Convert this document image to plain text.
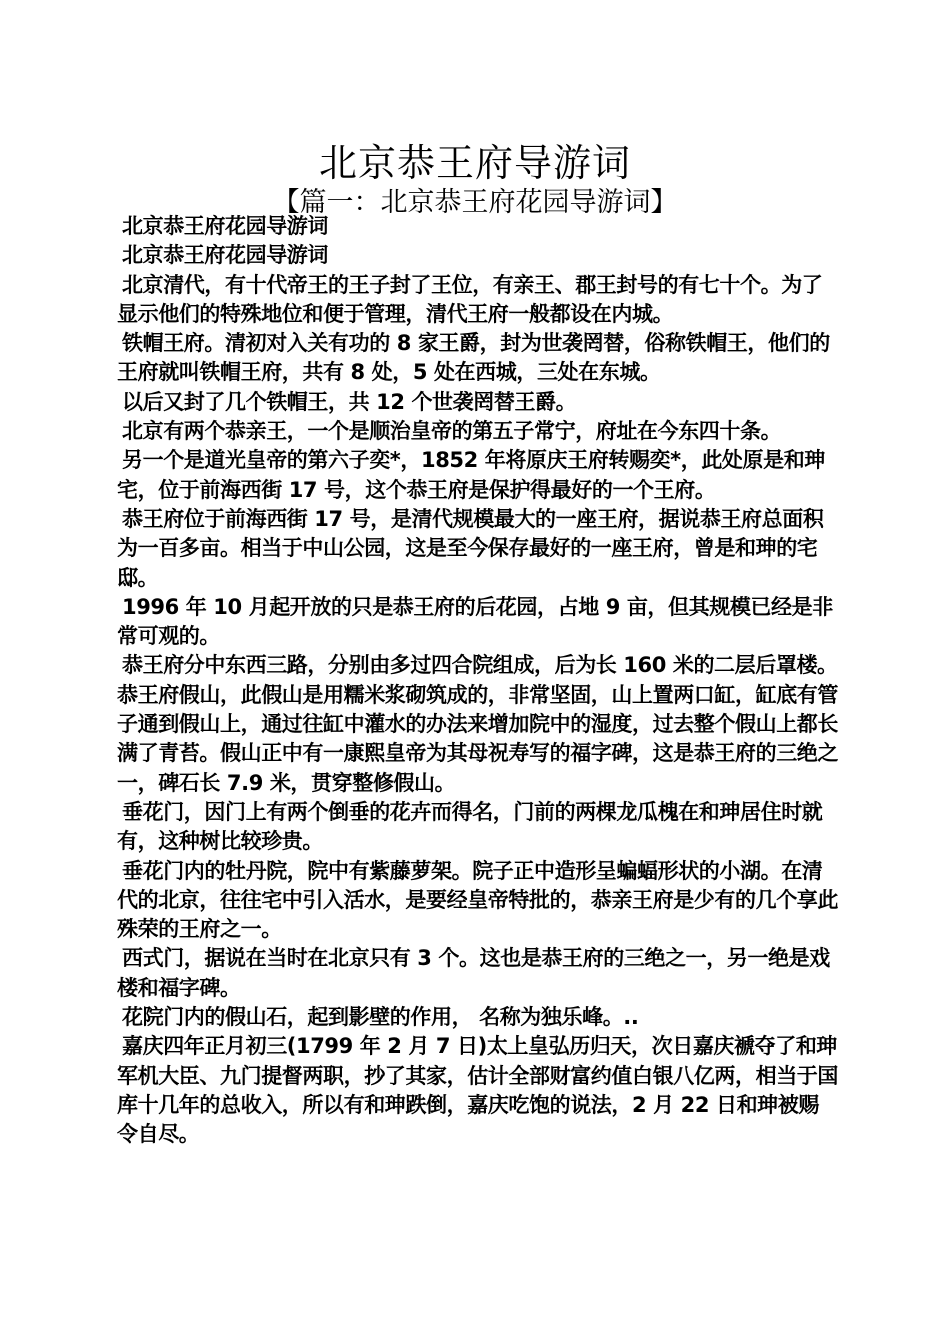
北京恭王府导游词
【篇一：北京恭王府花园导游词】

北京恭王府花园导游词

北京恭王府花园导游词

北京清代，有十代帝王的王子封了王位，有亲王、郡王封号的有七十个。为了显示他们的特殊地位和便于管理，清代王府一般都设在内城。

铁帽王府。清初对入关有功的 8 家王爵，封为世袭罔替，俗称铁帽王，他们的王府就叫铁帽王府，共有 8 处，5 处在西城，三处在东城。

以后又封了几个铁帽王，共 12 个世袭罔替王爵。

北京有两个恭亲王，一个是顺治皇帝的第五子常宁，府址在今东四十条。

另一个是道光皇帝的第六子奕*，1852 年将原庆王府转赐奕*，此处原是和珅宅，位于前海西街 17 号，这个恭王府是保护得最好的一个王府。

恭王府位于前海西街 17 号，是清代规模最大的一座王府，据说恭王府总面积为一百多亩。相当于中山公园，这是至今保存最好的一座王府，曾是和珅的宅邸。

1996 年 10 月起开放的只是恭王府的后花园，占地 9 亩，但其规模已经是非常可观的。

恭王府分中东西三路，分别由多过四合院组成，后为长 160 米的二层后罩楼。恭王府假山，此假山是用糯米浆砌筑成的，非常坚固，山上置两口缸，缸底有管子通到假山上，通过往缸中灌水的办法来增加院中的湿度，过去整个假山上都长满了青苔。假山正中有一康熙皇帝为其母祝寿写的福字碑，这是恭王府的三绝之一，碑石长 7.9 米，贯穿整修假山。

垂花门，因门上有两个倒垂的花卉而得名，门前的两棵龙瓜槐在和珅居住时就有，这种树比较珍贵。

垂花门内的牡丹院，院中有紫藤萝架。院子正中造形呈蝙蝠形状的小湖。在清代的北京，往往宅中引入活水，是要经皇帝特批的，恭亲王府是少有的几个享此殊荣的王府之一。

西式门，据说在当时在北京只有 3 个。这也是恭王府的三绝之一，另一绝是戏楼和福字碑。

花院门内的假山石，起到影壁的作用， 名称为独乐峰。..

嘉庆四年正月初三(1799 年 2 月 7 日)太上皇弘历归天，次日嘉庆褫夺了和珅军机大臣、九门提督两职，抄了其家，估计全部财富约值白银八亿两，相当于国库十几年的总收入，所以有和珅跌倒，嘉庆吃饱的说法，2 月 22 日和珅被赐令自尽。
